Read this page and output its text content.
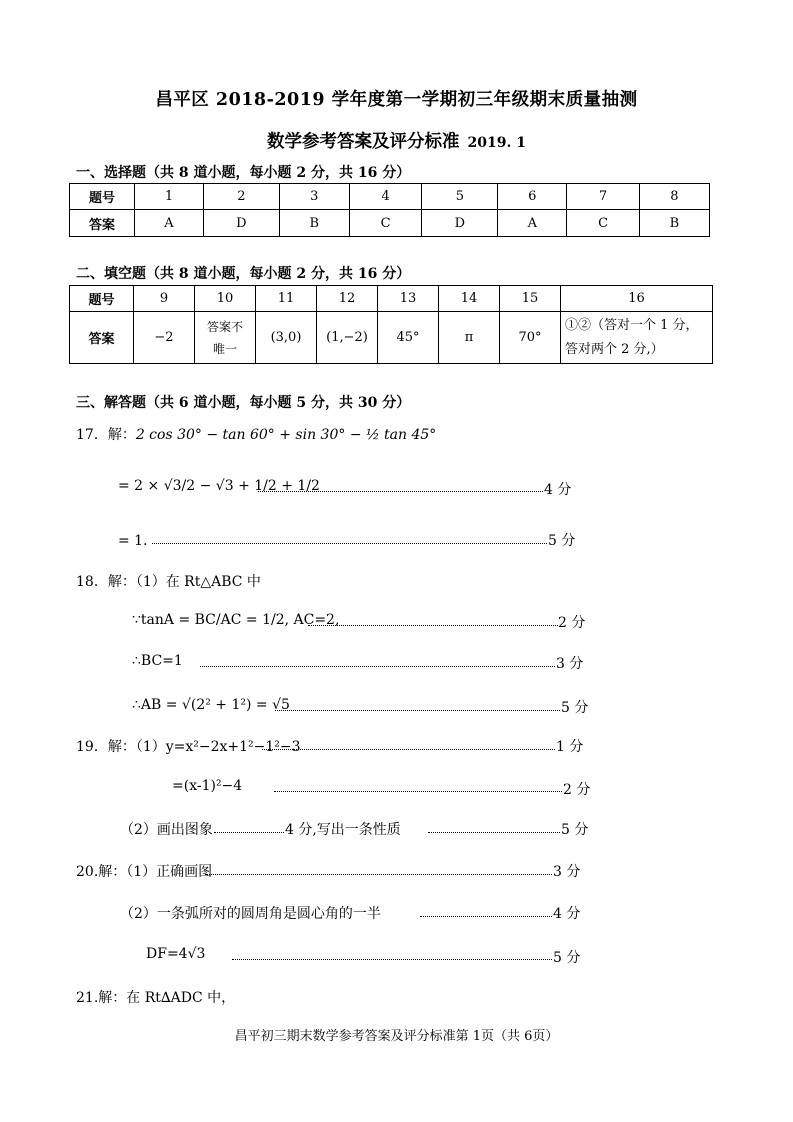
昌平区 2018-2019 学年度第一学期初三年级期末质量抽测
数学参考答案及评分标准 2019. 1
一、选择题（共 8 道小题，每小题 2 分，共 16 分）
题号	1	2	3	4	5	6	7	8
答案	A	D	B	C	D	A	C	B
二、填空题（共 8 道小题，每小题 2 分，共 16 分）
题号	9	10	11	12	13	14	15	16
答案	−2	答案不唯一	(3,0)	(1,−2)	45°	π	70°	①②（答对一个 1 分，答对两个 2 分,）
三、解答题（共 6 道小题，每小题 5 分，共 30 分）
17．解：2 cos 30° − tan 60° + sin 30° − ½ tan 45°
= 2 × √3/2 − √3 + 1/2 + 1/2	4 分
= 1．	5 分
18．解：（1）在 Rt△ABC 中
∵tanA = BC/AC = 1/2, AC=2,	2 分
∴BC=1	3 分
∴AB = √(2² + 1²) = √5	5 分
19．解：（1）y=x²−2x+1²−1²−3	1 分
=(x-1)²−4	2 分
（2）画出图象	4 分,写出一条性质	5 分
20.解：（1）正确画图	3 分
（2）一条弧所对的圆周角是圆心角的一半	4 分
DF=4√3	5 分
21.解：在 Rt∆ADC 中，
昌平初三期末数学参考答案及评分标准第 1页（共 6页）
